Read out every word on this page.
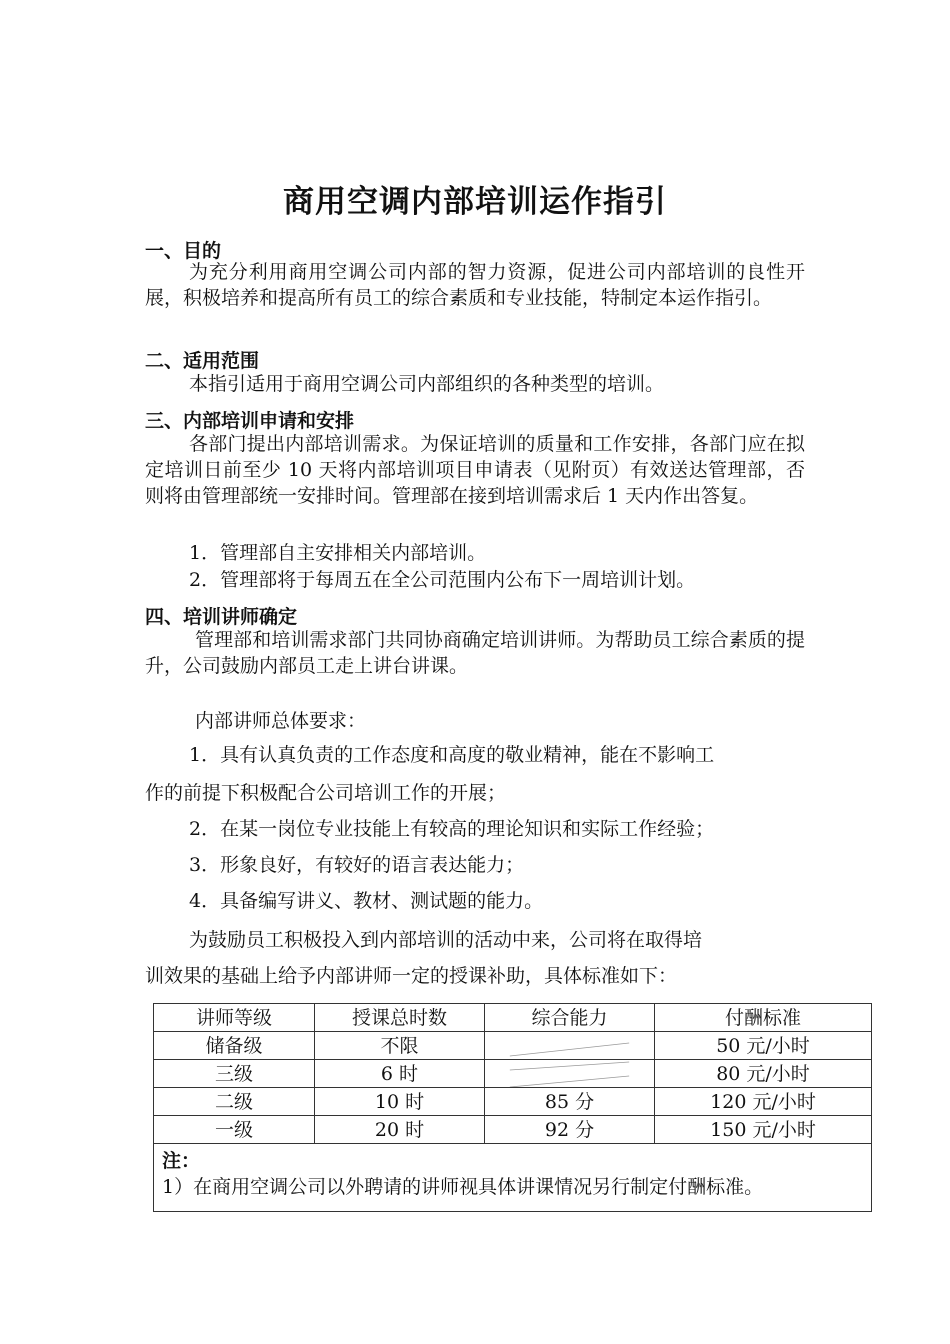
商用空调内部培训运作指引
一、目的
为充分利用商用空调公司内部的智力资源，促进公司内部培训的良性开展，积极培养和提高所有员工的综合素质和专业技能，特制定本运作指引。
二、适用范围
本指引适用于商用空调公司内部组织的各种类型的培训。
三、内部培训申请和安排
各部门提出内部培训需求。为保证培训的质量和工作安排，各部门应在拟定培训日前至少 10 天将内部培训项目申请表（见附页）有效送达管理部，否则将由管理部统一安排时间。管理部在接到培训需求后 1 天内作出答复。
1．管理部自主安排相关内部培训。
2．管理部将于每周五在全公司范围内公布下一周培训计划。
四、培训讲师确定
管理部和培训需求部门共同协商确定培训讲师。为帮助员工综合素质的提升，公司鼓励内部员工走上讲台讲课。
内部讲师总体要求：
1．具有认真负责的工作态度和高度的敬业精神，能在不影响工
作的前提下积极配合公司培训工作的开展；
2．在某一岗位专业技能上有较高的理论知识和实际工作经验；
3．形象良好，有较好的语言表达能力；
4．具备编写讲义、教材、测试题的能力。
为鼓励员工积极投入到内部培训的活动中来，公司将在取得培
训效果的基础上给予内部讲师一定的授课补助，具体标准如下：
讲师等级	授课总时数	综合能力	付酬标准
储备级	不限		50 元/小时
三级	6 时		80 元/小时
二级	10 时	85 分	120 元/小时
一级	20 时	92 分	150 元/小时

注：
1）在商用空调公司以外聘请的讲师视具体讲课情况另行制定付酬标准。			
